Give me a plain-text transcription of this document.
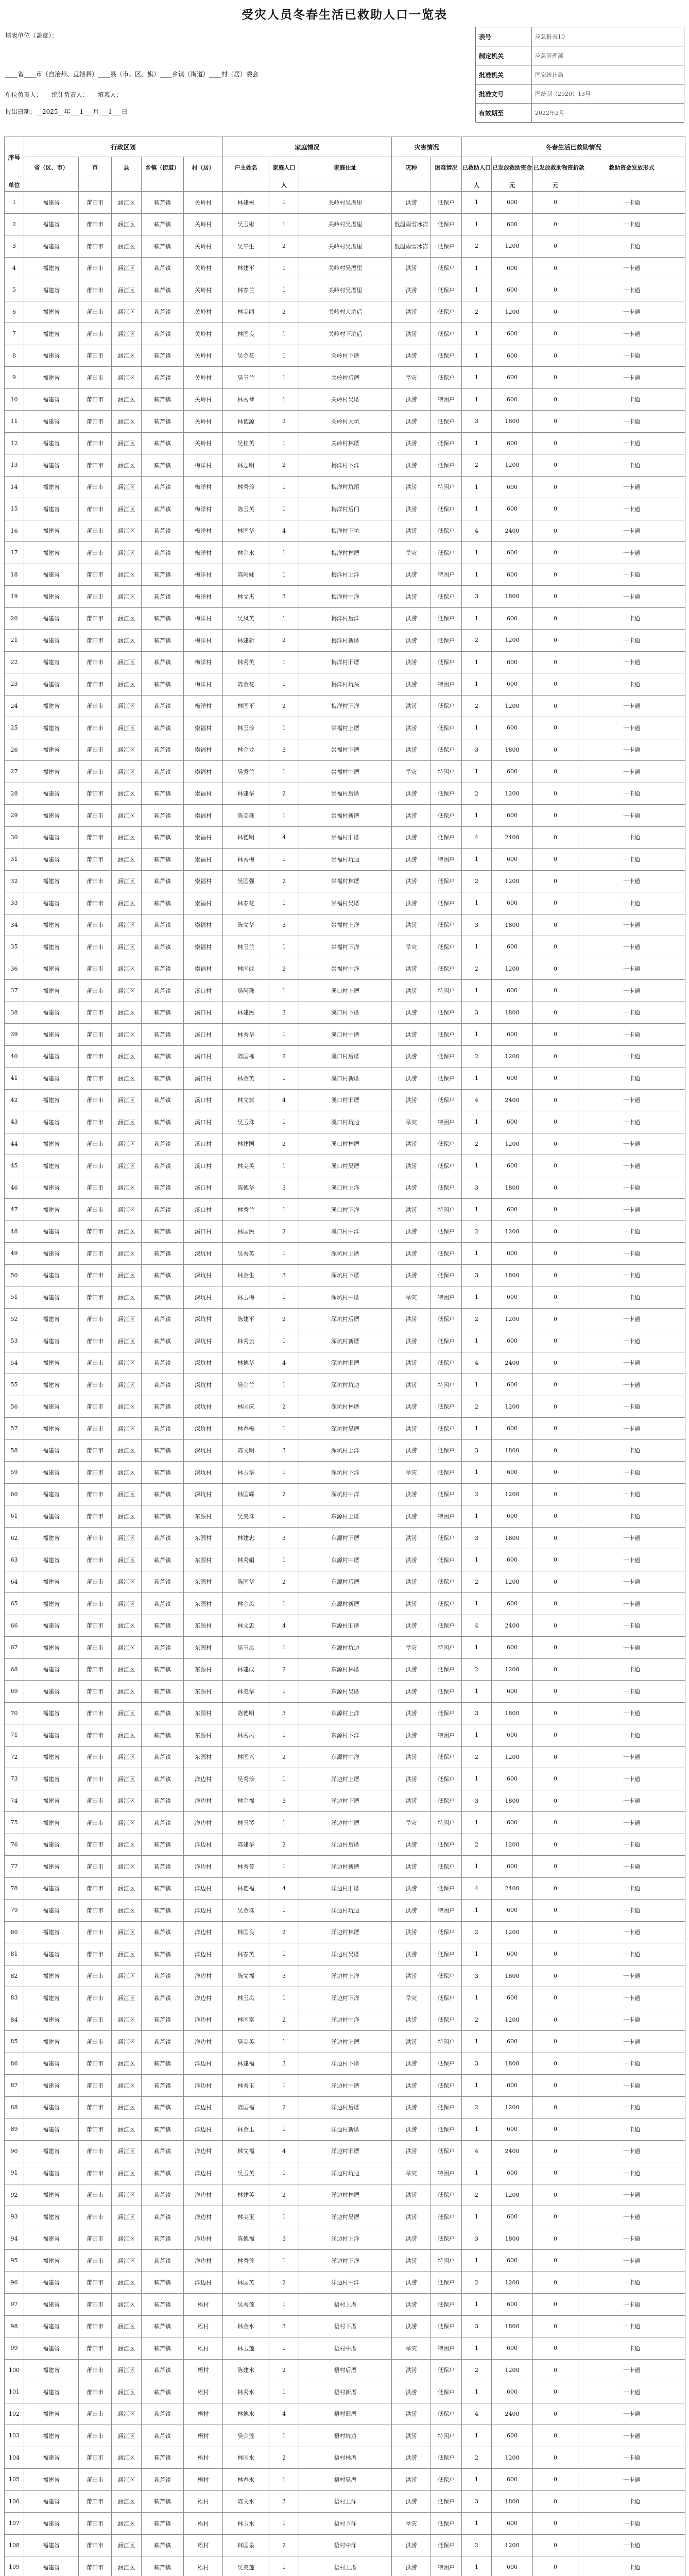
受灾人员冬春生活已救助人口一览表
填表单位（盖章）：
____省____市（自治州、直辖县）____县（市、区、旗）____乡镇（街道）____村（居）委会
单位负责人： 统计负责人： 填表人：
报出日期：__2025__年___1___月___1___日
表号	应急报表10
制定机关	应急管理部
批准机关	国家统计局
批准文号	国统制（2020）13号
有效期至	2022年2月
序号	行政区划					家庭情况			灾害情况		冬春生活已救助情况			
	省（区、市）	市	县	乡镇（街道）	村（居）	户主姓名	家庭人口	家庭住址	灾种	困难情况	已救助人口	已发放救助资金	已发放救助物资折款	救助资金发放形式
单位							人				人	元	元	
1	福建省	莆田市	涵江区	萩芦镇	关岭村	林建树	1	关岭村吴厝里	洪涝	低保户	1	600	0	一卡通
2	福建省	莆田市	涵江区	萩芦镇	关岭村	吴玉彬	1	关岭村吴厝里	低温雨雪冰冻	低保户	1	600	0	一卡通
3	福建省	莆田市	涵江区	萩芦镇	关岭村	吴午生	2	关岭村吴厝里	低温雨雪冰冻	低保户	2	1200	0	一卡通
4	福建省	莆田市	涵江区	萩芦镇	关岭村	林建平	1	关岭村吴厝里	洪涝	低保户	1	600	0	一卡通
5	福建省	莆田市	涵江区	萩芦镇	关岭村	林春兰	1	关岭村吴厝里	洪涝	低保户	1	600	0	一卡通
6	福建省	莆田市	涵江区	萩芦镇	关岭村	林美丽	2	关岭村大坑后	洪涝	低保户	2	1200	0	一卡通
7	福建省	莆田市	涵江区	萩芦镇	关岭村	林国良	1	关岭村下坑后	洪涝	低保户	1	600	0	一卡通
8	福建省	莆田市	涵江区	萩芦镇	关岭村	吴金花	1	关岭村下厝	洪涝	低保户	1	600	0	一卡通
9	福建省	莆田市	涵江区	萩芦镇	关岭村	吴玉兰	1	关岭村后厝	旱灾	低保户	1	600	0	一卡通
10	福建省	莆田市	涵江区	萩芦镇	关岭村	林秀琴	1	关岭村吴厝	洪涝	特困户	1	600	0	一卡通
11	福建省	莆田市	涵江区	萩芦镇	关岭村	林德源	3	关岭村大坑	洪涝	低保户	3	1800	0	一卡通
12	福建省	莆田市	涵江区	萩芦镇	关岭村	吴桂英	1	关岭村林厝	洪涝	低保户	1	600	0	一卡通
13	福建省	莆田市	涵江区	萩芦镇	梅洋村	林志明	2	梅洋村下洋	洪涝	低保户	2	1200	0	一卡通
14	福建省	莆田市	涵江区	萩芦镇	梅洋村	林秀珍	1	梅洋村坑尾	洪涝	特困户	1	600	0	一卡通
15	福建省	莆田市	涵江区	萩芦镇	梅洋村	陈玉英	1	梅洋村后门	洪涝	低保户	1	600	0	一卡通
16	福建省	莆田市	涵江区	萩芦镇	梅洋村	林国华	4	梅洋村下坑	洪涝	低保户	4	2400	0	一卡通
17	福建省	莆田市	涵江区	萩芦镇	梅洋村	林金水	1	梅洋村林厝	旱灾	低保户	1	600	0	一卡通
18	福建省	莆田市	涵江区	萩芦镇	梅洋村	陈阿妹	1	梅洋村上洋	洪涝	特困户	1	600	0	一卡通
19	福建省	莆田市	涵江区	萩芦镇	梅洋村	林文杰	3	梅洋村中洋	洪涝	低保户	3	1800	0	一卡通
20	福建省	莆田市	涵江区	萩芦镇	梅洋村	吴凤英	1	梅洋村后洋	洪涝	低保户	1	600	0	一卡通
21	福建省	莆田市	涵江区	萩芦镇	梅洋村	林建新	2	梅洋村新厝	洪涝	低保户	2	1200	0	一卡通
22	福建省	莆田市	涵江区	萩芦镇	梅洋村	林秀英	1	梅洋村旧厝	洪涝	低保户	1	600	0	一卡通
23	福建省	莆田市	涵江区	萩芦镇	梅洋村	陈金花	1	梅洋村坑头	洪涝	特困户	1	600	0	一卡通
24	福建省	莆田市	涵江区	萩芦镇	梅洋村	林国平	2	梅洋村下洋	洪涝	低保户	2	1200	0	一卡通
25	福建省	莆田市	涵江区	萩芦镇	崇福村	林玉珍	1	崇福村上厝	洪涝	低保户	1	600	0	一卡通
26	福建省	莆田市	涵江区	萩芦镇	崇福村	林金龙	3	崇福村下厝	洪涝	低保户	3	1800	0	一卡通
27	福建省	莆田市	涵江区	萩芦镇	崇福村	吴秀兰	1	崇福村中厝	旱灾	特困户	1	600	0	一卡通
28	福建省	莆田市	涵江区	萩芦镇	崇福村	林建华	2	崇福村后厝	洪涝	低保户	2	1200	0	一卡通
29	福建省	莆田市	涵江区	萩芦镇	崇福村	陈美珠	1	崇福村新厝	洪涝	低保户	1	600	0	一卡通
30	福建省	莆田市	涵江区	萩芦镇	崇福村	林德明	4	崇福村旧厝	洪涝	低保户	4	2400	0	一卡通
31	福建省	莆田市	涵江区	萩芦镇	崇福村	林秀梅	1	崇福村坑边	洪涝	特困户	1	600	0	一卡通
32	福建省	莆田市	涵江区	萩芦镇	崇福村	吴国强	2	崇福村林厝	洪涝	低保户	2	1200	0	一卡通
33	福建省	莆田市	涵江区	萩芦镇	崇福村	林春花	1	崇福村吴厝	洪涝	低保户	1	600	0	一卡通
34	福建省	莆田市	涵江区	萩芦镇	崇福村	陈文华	3	崇福村上洋	洪涝	低保户	3	1800	0	一卡通
35	福建省	莆田市	涵江区	萩芦镇	崇福村	林玉兰	1	崇福村下洋	旱灾	低保户	1	600	0	一卡通
36	福建省	莆田市	涵江区	萩芦镇	崇福村	林国成	2	崇福村中洋	洪涝	低保户	2	1200	0	一卡通
37	福建省	莆田市	涵江区	萩芦镇	溪口村	吴阿珠	1	溪口村上厝	洪涝	特困户	1	600	0	一卡通
38	福建省	莆田市	涵江区	萩芦镇	溪口村	林建民	3	溪口村下厝	洪涝	低保户	3	1800	0	一卡通
39	福建省	莆田市	涵江区	萩芦镇	溪口村	林秀华	1	溪口村中厝	洪涝	低保户	1	600	0	一卡通
40	福建省	莆田市	涵江区	萩芦镇	溪口村	陈国栋	2	溪口村后厝	洪涝	低保户	2	1200	0	一卡通
41	福建省	莆田市	涵江区	萩芦镇	溪口村	林金英	1	溪口村新厝	洪涝	低保户	1	600	0	一卡通
42	福建省	莆田市	涵江区	萩芦镇	溪口村	林文斌	4	溪口村旧厝	洪涝	低保户	4	2400	0	一卡通
43	福建省	莆田市	涵江区	萩芦镇	溪口村	吴玉珠	1	溪口村坑边	旱灾	特困户	1	600	0	一卡通
44	福建省	莆田市	涵江区	萩芦镇	溪口村	林建国	2	溪口村林厝	洪涝	低保户	2	1200	0	一卡通
45	福建省	莆田市	涵江区	萩芦镇	溪口村	林美英	1	溪口村吴厝	洪涝	低保户	1	600	0	一卡通
46	福建省	莆田市	涵江区	萩芦镇	溪口村	陈德华	3	溪口村上洋	洪涝	低保户	3	1800	0	一卡通
47	福建省	莆田市	涵江区	萩芦镇	溪口村	林秀兰	1	溪口村下洋	洪涝	特困户	1	600	0	一卡通
48	福建省	莆田市	涵江区	萩芦镇	溪口村	林国民	2	溪口村中洋	洪涝	低保户	2	1200	0	一卡通
49	福建省	莆田市	涵江区	萩芦镇	深坑村	吴秀英	1	深坑村上厝	洪涝	低保户	1	600	0	一卡通
50	福建省	莆田市	涵江区	萩芦镇	深坑村	林金生	3	深坑村下厝	洪涝	低保户	3	1800	0	一卡通
51	福建省	莆田市	涵江区	萩芦镇	深坑村	林玉梅	1	深坑村中厝	旱灾	特困户	1	600	0	一卡通
52	福建省	莆田市	涵江区	萩芦镇	深坑村	陈建平	2	深坑村后厝	洪涝	低保户	2	1200	0	一卡通
53	福建省	莆田市	涵江区	萩芦镇	深坑村	林秀云	1	深坑村新厝	洪涝	低保户	1	600	0	一卡通
54	福建省	莆田市	涵江区	萩芦镇	深坑村	林德华	4	深坑村旧厝	洪涝	低保户	4	2400	0	一卡通
55	福建省	莆田市	涵江区	萩芦镇	深坑村	吴金兰	1	深坑村坑边	洪涝	特困户	1	600	0	一卡通
56	福建省	莆田市	涵江区	萩芦镇	深坑村	林国庆	2	深坑村林厝	洪涝	低保户	2	1200	0	一卡通
57	福建省	莆田市	涵江区	萩芦镇	深坑村	林春梅	1	深坑村吴厝	洪涝	低保户	1	600	0	一卡通
58	福建省	莆田市	涵江区	萩芦镇	深坑村	陈文明	3	深坑村上洋	洪涝	低保户	3	1800	0	一卡通
59	福建省	莆田市	涵江区	萩芦镇	深坑村	林玉华	1	深坑村下洋	旱灾	低保户	1	600	0	一卡通
60	福建省	莆田市	涵江区	萩芦镇	深坑村	林国辉	2	深坑村中洋	洪涝	低保户	2	1200	0	一卡通
61	福建省	莆田市	涵江区	萩芦镇	东源村	吴美珠	1	东源村上厝	洪涝	特困户	1	600	0	一卡通
62	福建省	莆田市	涵江区	萩芦镇	东源村	林建忠	3	东源村下厝	洪涝	低保户	3	1800	0	一卡通
63	福建省	莆田市	涵江区	萩芦镇	东源村	林秀娟	1	东源村中厝	洪涝	低保户	1	600	0	一卡通
64	福建省	莆田市	涵江区	萩芦镇	东源村	陈国华	2	东源村后厝	洪涝	低保户	2	1200	0	一卡通
65	福建省	莆田市	涵江区	萩芦镇	东源村	林金凤	1	东源村新厝	洪涝	低保户	1	600	0	一卡通
66	福建省	莆田市	涵江区	萩芦镇	东源村	林文忠	4	东源村旧厝	洪涝	低保户	4	2400	0	一卡通
67	福建省	莆田市	涵江区	萩芦镇	东源村	吴玉凤	1	东源村坑边	旱灾	特困户	1	600	0	一卡通
68	福建省	莆田市	涵江区	萩芦镇	东源村	林建成	2	东源村林厝	洪涝	低保户	2	1200	0	一卡通
69	福建省	莆田市	涵江区	萩芦镇	东源村	林美华	1	东源村吴厝	洪涝	低保户	1	600	0	一卡通
70	福建省	莆田市	涵江区	萩芦镇	东源村	陈德明	3	东源村上洋	洪涝	低保户	3	1800	0	一卡通
71	福建省	莆田市	涵江区	萩芦镇	东源村	林秀凤	1	东源村下洋	洪涝	特困户	1	600	0	一卡通
72	福建省	莆田市	涵江区	萩芦镇	东源村	林国兴	2	东源村中洋	洪涝	低保户	2	1200	0	一卡通
73	福建省	莆田市	涵江区	萩芦镇	洋边村	吴秀珍	1	洋边村上厝	洪涝	低保户	1	600	0	一卡通
74	福建省	莆田市	涵江区	萩芦镇	洋边村	林金福	3	洋边村下厝	洪涝	低保户	3	1800	0	一卡通
75	福建省	莆田市	涵江区	萩芦镇	洋边村	林玉琴	1	洋边村中厝	旱灾	特困户	1	600	0	一卡通
76	福建省	莆田市	涵江区	萩芦镇	洋边村	陈建华	2	洋边村后厝	洪涝	低保户	2	1200	0	一卡通
77	福建省	莆田市	涵江区	萩芦镇	洋边村	林秀芳	1	洋边村新厝	洪涝	低保户	1	600	0	一卡通
78	福建省	莆田市	涵江区	萩芦镇	洋边村	林德福	4	洋边村旧厝	洪涝	低保户	4	2400	0	一卡通
79	福建省	莆田市	涵江区	萩芦镇	洋边村	吴金珠	1	洋边村坑边	洪涝	特困户	1	600	0	一卡通
80	福建省	莆田市	涵江区	萩芦镇	洋边村	林国良	2	洋边村林厝	洪涝	低保户	2	1200	0	一卡通
81	福建省	莆田市	涵江区	萩芦镇	洋边村	林春英	1	洋边村吴厝	洪涝	低保户	1	600	0	一卡通
82	福建省	莆田市	涵江区	萩芦镇	洋边村	陈文福	3	洋边村上洋	洪涝	低保户	3	1800	0	一卡通
83	福建省	莆田市	涵江区	萩芦镇	洋边村	林玉凤	1	洋边村下洋	旱灾	低保户	1	600	0	一卡通
84	福建省	莆田市	涵江区	萩芦镇	洋边村	林国富	2	洋边村中洋	洪涝	低保户	2	1200	0	一卡通
85	福建省	莆田市	涵江区	萩芦镇	洋边村	吴美英	1	洋边村上厝	洪涝	特困户	1	600	0	一卡通
86	福建省	莆田市	涵江区	萩芦镇	洋边村	林建福	3	洋边村下厝	洪涝	低保户	3	1800	0	一卡通
87	福建省	莆田市	涵江区	萩芦镇	洋边村	林秀玉	1	洋边村中厝	洪涝	低保户	1	600	0	一卡通
88	福建省	莆田市	涵江区	萩芦镇	洋边村	陈国福	2	洋边村后厝	洪涝	低保户	2	1200	0	一卡通
89	福建省	莆田市	涵江区	萩芦镇	洋边村	林金玉	1	洋边村新厝	洪涝	低保户	1	600	0	一卡通
90	福建省	莆田市	涵江区	萩芦镇	洋边村	林文福	4	洋边村旧厝	洪涝	低保户	4	2400	0	一卡通
91	福建省	莆田市	涵江区	萩芦镇	洋边村	吴玉英	1	洋边村坑边	旱灾	特困户	1	600	0	一卡通
92	福建省	莆田市	涵江区	萩芦镇	洋边村	林建英	2	洋边村林厝	洪涝	低保户	2	1200	0	一卡通
93	福建省	莆田市	涵江区	萩芦镇	洋边村	林美玉	1	洋边村吴厝	洪涝	低保户	1	600	0	一卡通
94	福建省	莆田市	涵江区	萩芦镇	洋边村	陈德福	3	洋边村上洋	洪涝	低保户	3	1800	0	一卡通
95	福建省	莆田市	涵江区	萩芦镇	洋边村	林秀莲	1	洋边村下洋	洪涝	特困户	1	600	0	一卡通
96	福建省	莆田市	涵江区	萩芦镇	洋边村	林国英	2	洋边村中洋	洪涝	低保户	2	1200	0	一卡通
97	福建省	莆田市	涵江区	萩芦镇	梧村	吴秀莲	1	梧村上厝	洪涝	低保户	1	600	0	一卡通
98	福建省	莆田市	涵江区	萩芦镇	梧村	林金水	3	梧村下厝	洪涝	低保户	3	1800	0	一卡通
99	福建省	莆田市	涵江区	萩芦镇	梧村	林玉莲	1	梧村中厝	旱灾	特困户	1	600	0	一卡通
100	福建省	莆田市	涵江区	萩芦镇	梧村	陈建水	2	梧村后厝	洪涝	低保户	2	1200	0	一卡通
101	福建省	莆田市	涵江区	萩芦镇	梧村	林秀水	1	梧村新厝	洪涝	低保户	1	600	0	一卡通
102	福建省	莆田市	涵江区	萩芦镇	梧村	林德水	4	梧村旧厝	洪涝	低保户	4	2400	0	一卡通
103	福建省	莆田市	涵江区	萩芦镇	梧村	吴金莲	1	梧村坑边	洪涝	特困户	1	600	0	一卡通
104	福建省	莆田市	涵江区	萩芦镇	梧村	林国水	2	梧村林厝	洪涝	低保户	2	1200	0	一卡通
105	福建省	莆田市	涵江区	萩芦镇	梧村	林春水	1	梧村吴厝	洪涝	低保户	1	600	0	一卡通
106	福建省	莆田市	涵江区	萩芦镇	梧村	陈文水	3	梧村上洋	洪涝	低保户	3	1800	0	一卡通
107	福建省	莆田市	涵江区	萩芦镇	梧村	林玉水	1	梧村下洋	旱灾	低保户	1	600	0	一卡通
108	福建省	莆田市	涵江区	萩芦镇	梧村	林国泉	2	梧村中洋	洪涝	低保户	2	1200	0	一卡通
109	福建省	莆田市	涵江区	萩芦镇	梧村	吴美莲	1	梧村上厝	洪涝	特困户	1	600	0	一卡通
